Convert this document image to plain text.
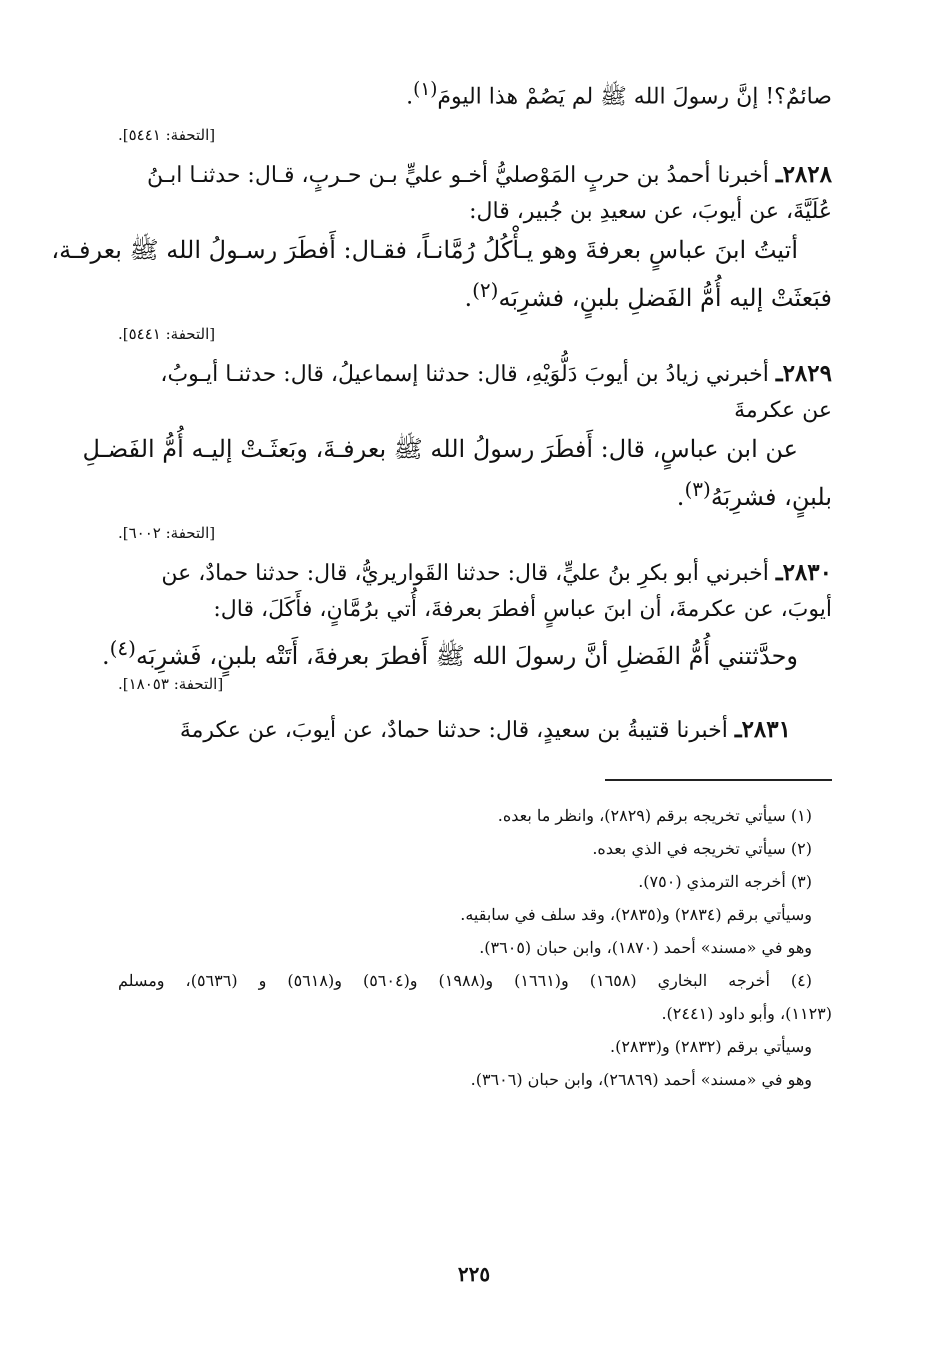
صائمٌ؟! إنَّ رسولَ الله ﷺ لم يَصُمْ هذا اليومَ$^{(١)}$.
[التحفة: ٥٤٤١].
٢٨٢٨ـ أخبرنا أحمدُ بن حربٍ المَوْصليُّ أخـو عليٍّ بـن حـربٍ، قـال: حدثنـا ابـنُ
عُلَيَّةَ، عن أيوبَ، عن سعيدِ بن جُبير، قال:
أتيتُ ابنَ عباسٍ بعرفةَ وهو يـأْكُلُ رُمَّانـاً، فقـال: أَفطَرَ رسـولُ الله ﷺ بعرفـة،
فبَعثَتْ إليه أُمُّ الفَضلِ بلبنٍ، فشرِبَه$^{(٢)}$.
[التحفة: ٥٤٤١].
٢٨٢٩ـ أخبرني زيادُ بن أيوبَ دَلُّوَيْهِ، قال: حدثنا إسماعيلُ، قال: حدثنـا أيـوبُ،
عن عكرمةَ
عن ابن عباسٍ، قال: أَفطَرَ رسولُ الله ﷺ بعرفـةَ، وبَعثَـتْ إليـه أُمُّ الفَضـلِ
بلبنٍ، فشرِبَهُ$^{(٣)}$.
[التحفة: ٦٠٠٢].
٢٨٣٠ـ أخبرني أبو بكرِ بنُ عليٍّ، قال: حدثنا القَواريريُّ، قال: حدثنا حمادٌ، عن
أيوبَ، عن عكرمةَ، أن ابنَ عباسٍ أفطرَ بعرفةَ، أُتي برُمَّانٍ، فأَكَلَ، قال:
وحدَّثتني أُمُّ الفَضلِ أنَّ رسولَ الله ﷺ أَفطرَ بعرفةَ، أَتَتْه بلبنٍ، فَشرِبَه$^{(٤)}$.
[التحفة: ١٨٠٥٣].
٢٨٣١ـ أخبرنا قتيبةُ بن سعيدٍ، قال: حدثنا حمادٌ، عن أيوبَ، عن عكرمةَ
(١) سيأتي تخريجه برقم (٢٨٢٩)، وانظر ما بعده.
(٢) سيأتي تخريجه في الذي بعده.
(٣) أخرجه الترمذي (٧٥٠).
وسيأتي برقم (٢٨٣٤) و(٢٨٣٥)، وقد سلف في سابقيه.
وهو في «مسند» أحمد (١٨٧٠)، وابن حبان (٣٦٠٥).
(٤) أخرجه البخاري (١٦٥٨) و(١٦٦١) و(١٩٨٨) و(٥٦٠٤) و(٥٦١٨) و (٥٦٣٦)، ومسلم
(١١٢٣)، وأبو داود (٢٤٤١).
وسيأتي برقم (٢٨٣٢) و(٢٨٣٣).
وهو في «مسند» أحمد (٢٦٨٦٩)، وابن حبان (٣٦٠٦).
٢٢٥
